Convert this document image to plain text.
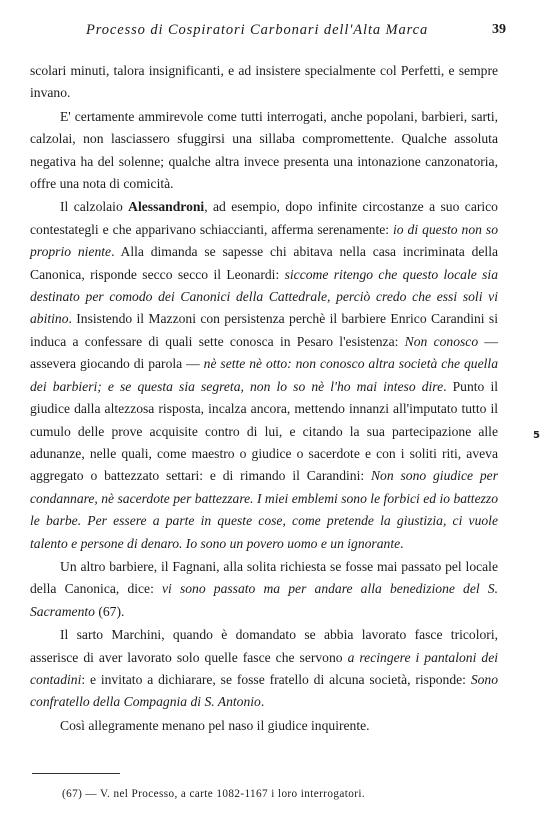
Processo di Cospiratori Carbonari dell'Alta Marca	39

scolari minuti, talora insignificanti, e ad insistere specialmente col Perfetti, e sempre invano.

E' certamente ammirevole come tutti interrogati, anche popolani, barbieri, sarti, calzolai, non lasciassero sfuggirsi una sillaba compromettente. Qualche assoluta negativa ha del solenne; qualche altra invece presenta una intonazione canzonatoria, offre una nota di comicità.

Il calzolaio Alessandroni, ad esempio, dopo infinite circostanze a suo carico contestategli e che apparivano schiaccianti, afferma serenamente: io di questo non so proprio niente. Alla dimanda se sapesse chi abitava nella casa incriminata della Canonica, risponde secco secco il Leonardi: siccome ritengo che questo locale sia destinato per comodo dei Canonici della Cattedrale, perciò credo che essi soli vi abitino. Insistendo il Mazzoni con persistenza perchè il barbiere Enrico Carandini si inducа a confessare di quali sette conosca in Pesaro l'esistenza: Non conosco — assevera giocando di parola — nè sette nè otto: non conosco altra società che quella dei barbieri; e se questa sia segreta, non lo so nè l'ho mai inteso dire. Punto il giudice dalla altezzosa risposta, incalza ancora, mettendo innanzi all'imputato tutto il cumulo delle prove acquisite contro di lui, e citando la sua partecipazione alle adunanze, nelle quali, come maestro o giudice o sacerdote e con i soliti riti, aveva aggregato o battezzato settari: e di rimando il Carandini: Non sono giudice per condannare, nè sacerdote per battezzare. I miei emblemi sono le forbici ed io battezzo le barbe. Per essere a parte in queste cose, come pretende la giustizia, ci vuole talento e persone di denaro. Io sono un povero uomo e un ignorante.

Un altro barbiere, il Fagnani, alla solita richiesta se fosse mai passato pel locale della Canonica, dice: vi sono passato ma per andare alla benedizione del S. Sacramento (67).

Il sarto Marchini, quando è domandato se abbia lavorato fasce tricolori, asserisce di aver lavorato solo quelle fasce che servono a recingere i pantaloni dei contadini: e invitato a dichiarare, se fosse fratello di alcuna società, risponde: Sono confratello della Compagnia di S. Antonio.

Così allegramente menano pel naso il giudice inquirente.

5
(67) — V. nel Processo, a carte 1082-1167 i loro interrogatori.
